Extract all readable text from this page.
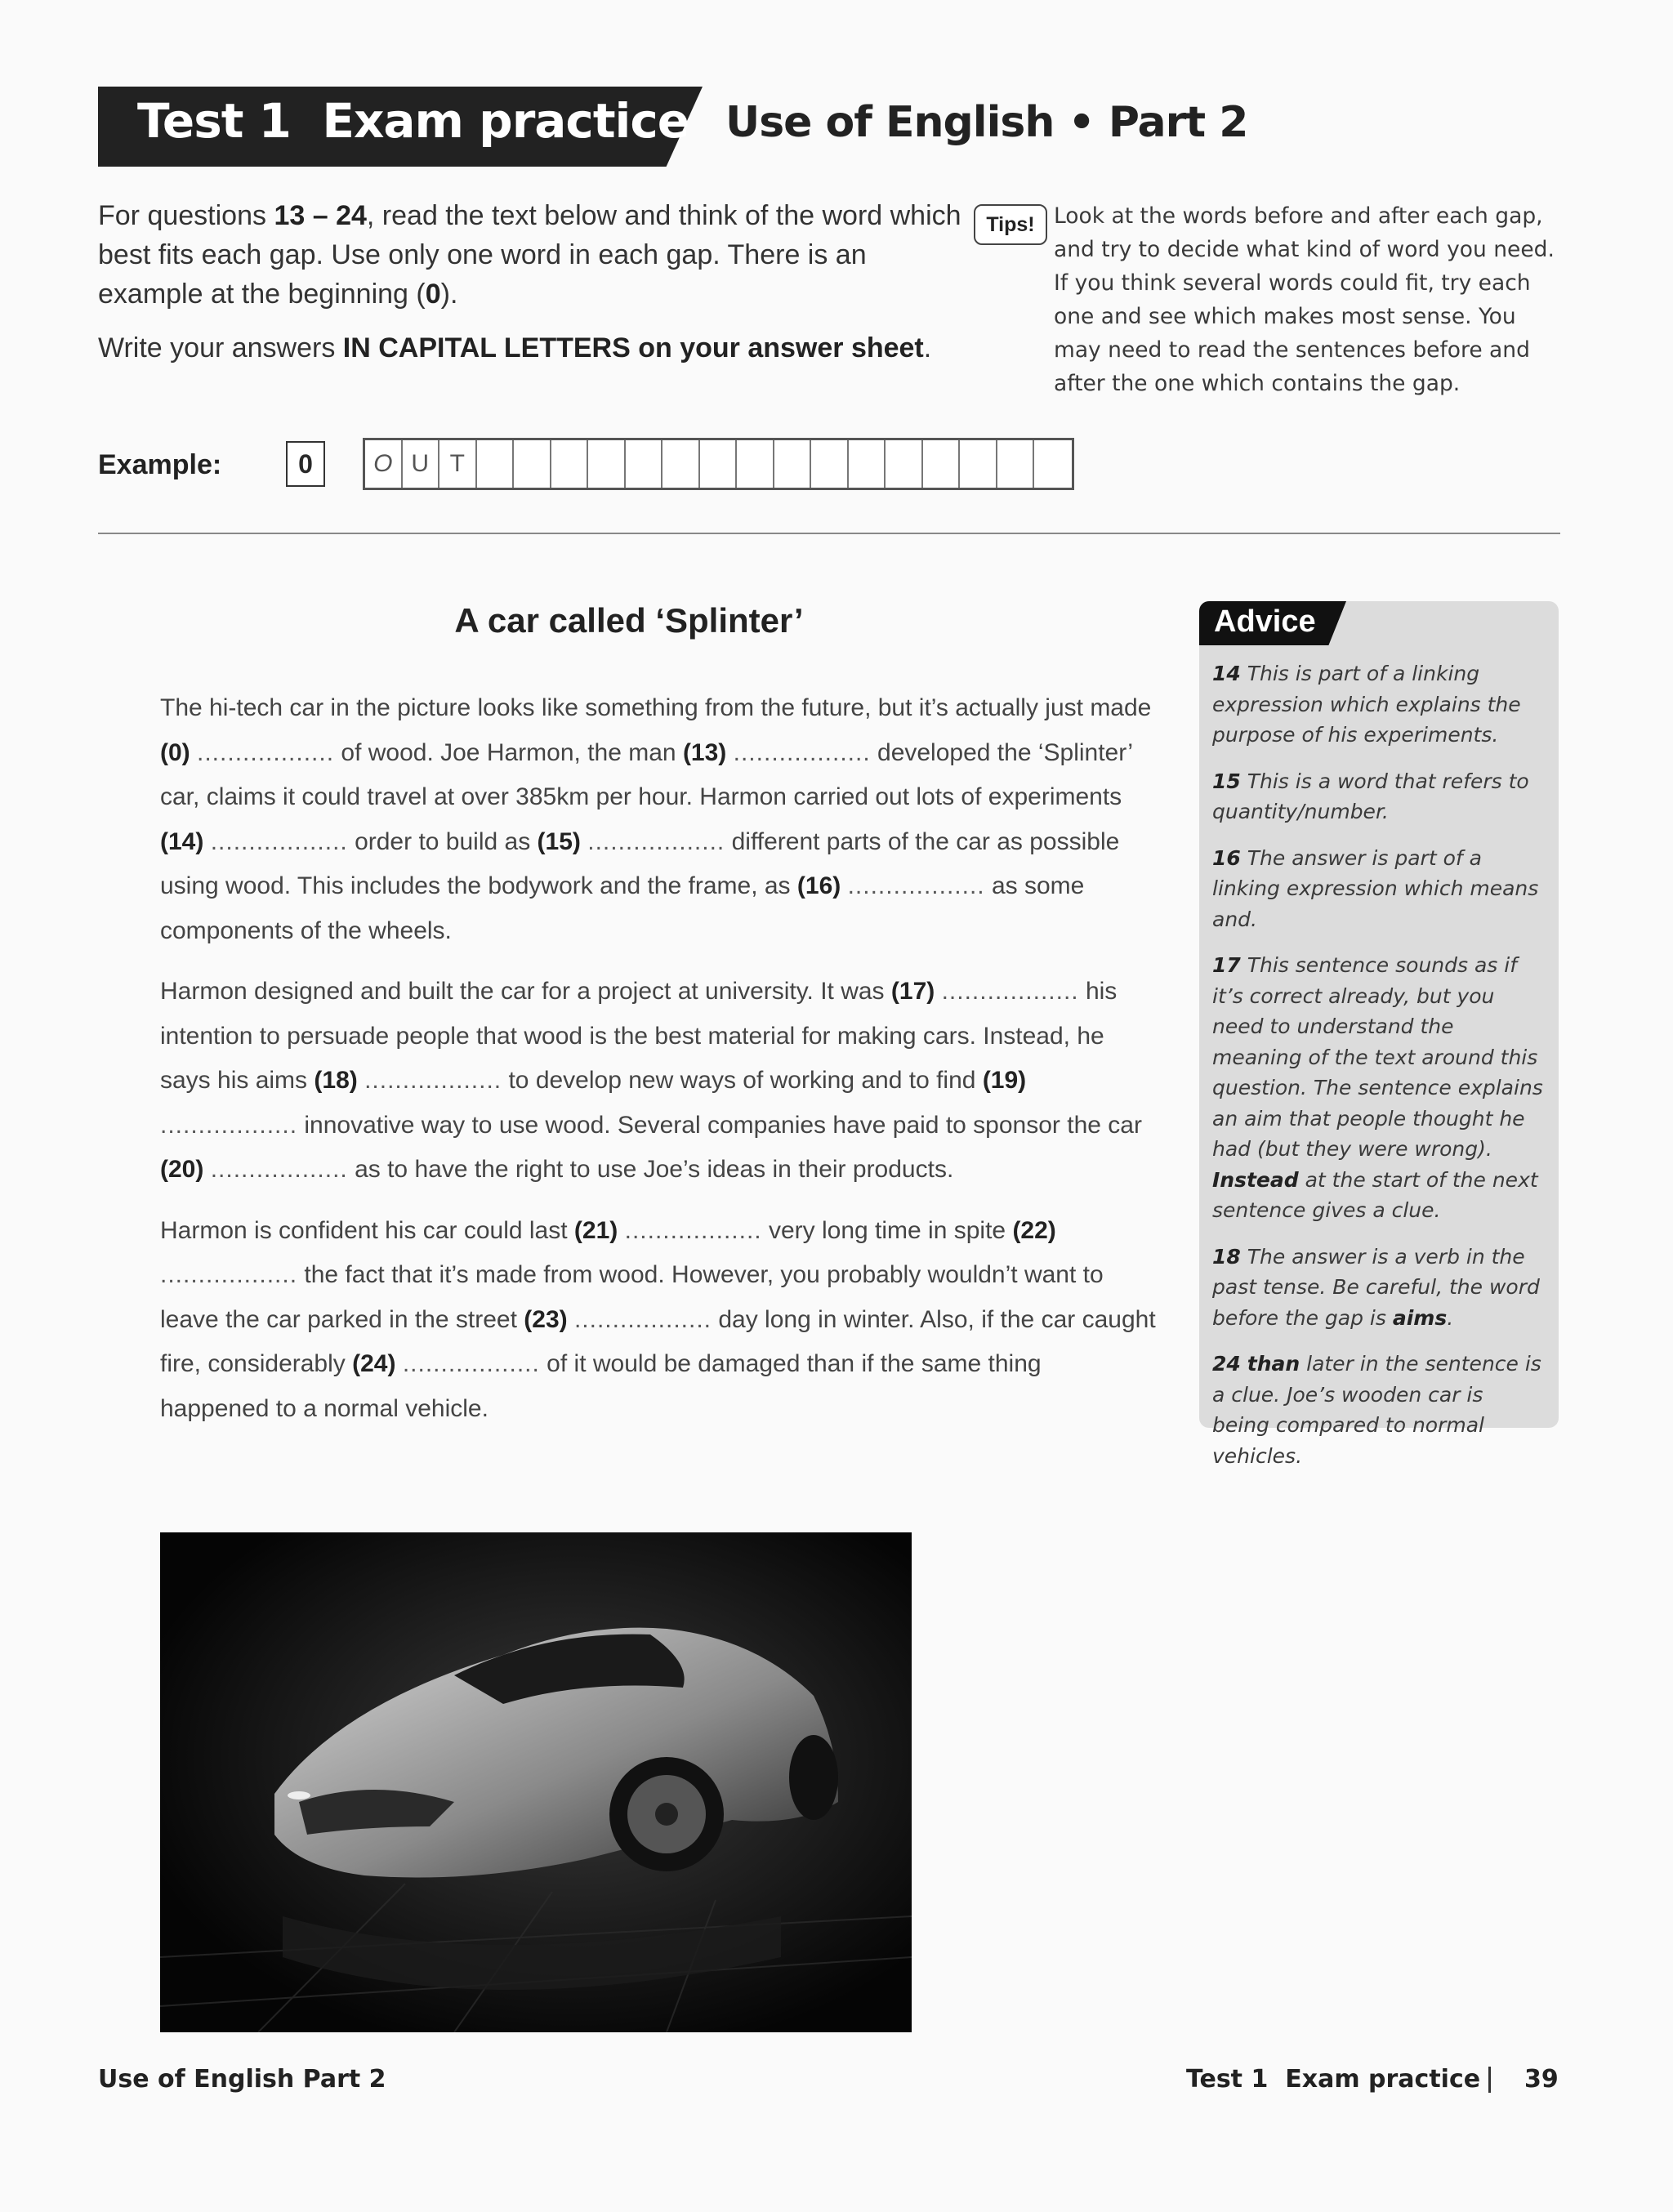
Test 1  Exam practice Use of English • Part 2

For questions 13 – 24, read the text below and think of the word which best fits each gap. Use only one word in each gap. There is an example at the beginning (0).

Write your answers IN CAPITAL LETTERS on your answer sheet.

Tips! Look at the words before and after each gap, and try to decide what kind of word you need. If you think several words could fit, try each one and see which makes most sense. You may need to read the sentences before and after the one which contains the gap.
Example:	0	O U T
A car called ‘Splinter’

The hi-tech car in the picture looks like something from the future, but it’s actually just made (0) .................. of wood. Joe Harmon, the man (13) .................. developed the ‘Splinter’ car, claims it could travel at over 385km per hour. Harmon carried out lots of experiments (14) .................. order to build as (15) .................. different parts of the car as possible using wood. This includes the bodywork and the frame, as (16) .................. as some components of the wheels.

Harmon designed and built the car for a project at university. It was (17) .................. his intention to persuade people that wood is the best material for making cars. Instead, he says his aims (18) .................. to develop new ways of working and to find (19) .................. innovative way to use wood. Several companies have paid to sponsor the car (20) .................. as to have the right to use Joe’s ideas in their products.

Harmon is confident his car could last (21) .................. very long time in spite (22) .................. the fact that it’s made from wood. However, you probably wouldn’t want to leave the car parked in the street (23) .................. day long in winter. Also, if the car caught fire, considerably (24) .................. of it would be damaged than if the same thing happened to a normal vehicle.

Advice

14 This is part of a linking expression which explains the purpose of his experiments.

15 This is a word that refers to quantity/number.

16 The answer is part of a linking expression which means and.

17 This sentence sounds as if it’s correct already, but you need to understand the meaning of the text around this question. The sentence explains an aim that people thought he had (but they were wrong). Instead at the start of the next sentence gives a clue.

18 The answer is a verb in the past tense. Be careful, the word before the gap is aims.

24 than later in the sentence is a clue. Joe’s wooden car is being compared to normal vehicles.

Use of English Part 2	Test 1  Exam practice 39
